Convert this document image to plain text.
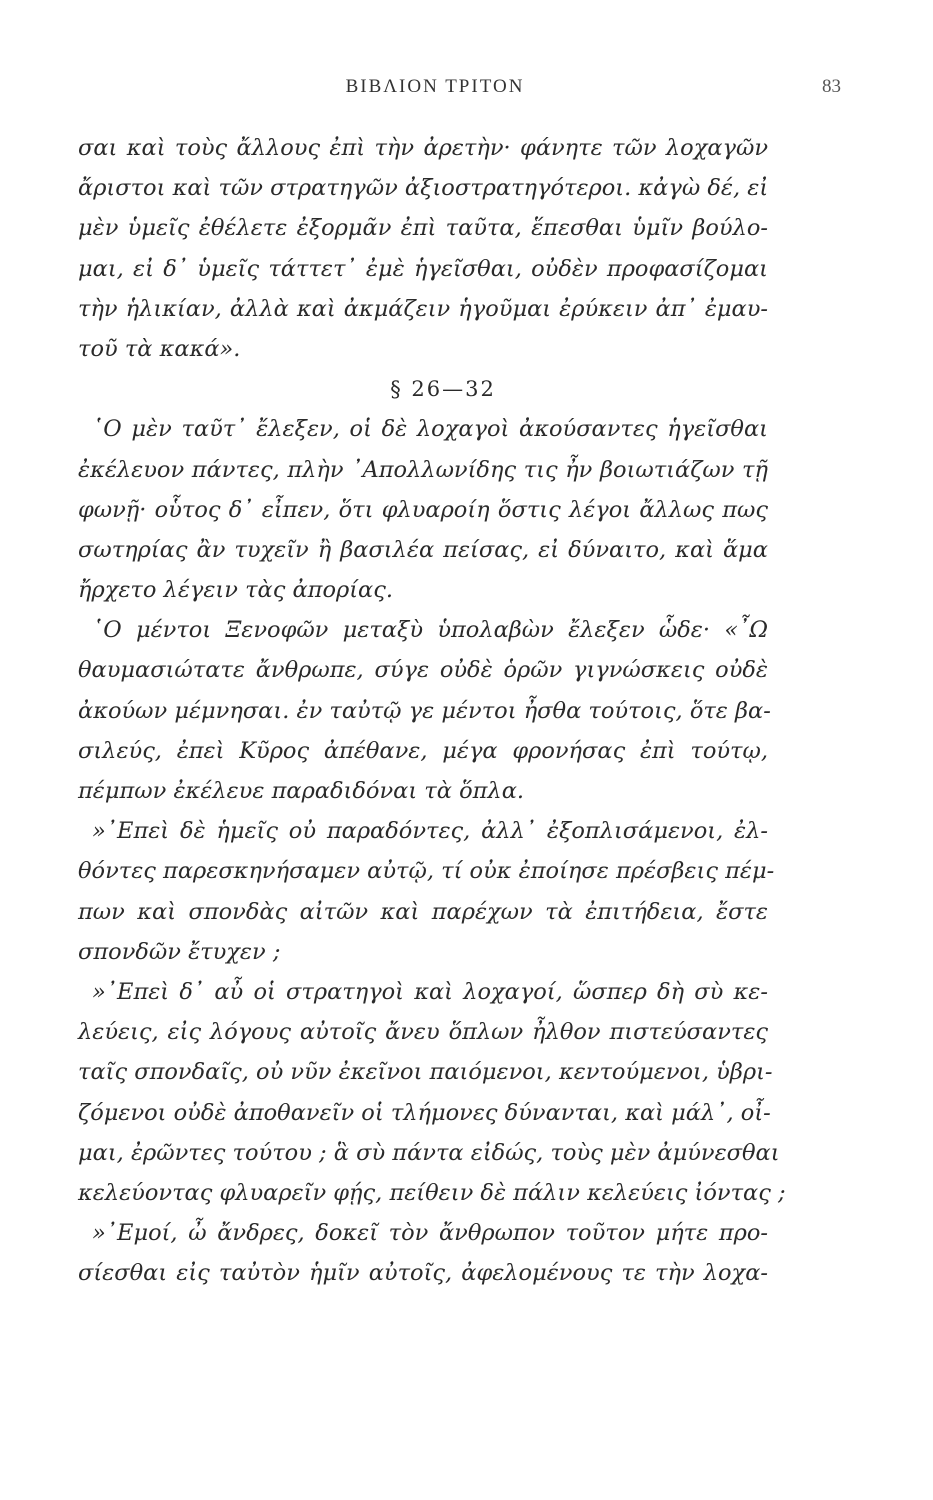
ΒΙΒΛΙΟΝ ΤΡΙΤΟΝ	83
σαι καὶ τοὺς ἄλλους ἐπὶ τὴν ἀρετὴν· φάνητε τῶν λοχαγῶν
ἄριστοι καὶ τῶν στρατηγῶν ἀξιοστρατηγότεροι. κἀγὼ δέ, εἰ
μὲν ὑμεῖς ἐθέλετε ἐξορμᾶν ἐπὶ ταῦτα, ἕπεσθαι ὑμῖν βούλο-
μαι, εἰ δ᾿ ὑμεῖς τάττετ᾿ ἐμὲ ἡγεῖσθαι, οὐδὲν προφασίζομαι
τὴν ἡλικίαν, ἀλλὰ καὶ ἀκμάζειν ἡγοῦμαι ἐρύκειν ἀπ᾿ ἐμαυ-
τοῦ τὰ κακά».
§ 26—32
῾Ο μὲν ταῦτ᾿ ἔλεξεν, οἱ δὲ λοχαγοὶ ἀκούσαντες ἡγεῖσθαι
ἐκέλευον πάντες, πλὴν ᾿Απολλωνίδης τις ἦν βοιωτιάζων τῇ
φωνῇ· οὗτος δ᾿ εἶπεν, ὅτι φλυαροίη ὅστις λέγοι ἄλλως πως
σωτηρίας ἂν τυχεῖν ἢ βασιλέα πείσας, εἰ δύναιτο, καὶ ἅμα
ἤρχετο λέγειν τὰς ἀπορίας.
῾Ο μέντοι Ξενοφῶν μεταξὺ ὑπολαβὼν ἔλεξεν ὧδε· «῏Ω
θαυμασιώτατε ἄνθρωπε, σύγε οὐδὲ ὁρῶν γιγνώσκεις οὐδὲ
ἀκούων μέμνησαι. ἐν ταὐτῷ γε μέντοι ἦσθα τούτοις, ὅτε βα-
σιλεύς, ἐπεὶ Κῦρος ἀπέθανε, μέγα φρονήσας ἐπὶ τούτῳ,
πέμπων ἐκέλευε παραδιδόναι τὰ ὅπλα.
»᾿Επεὶ δὲ ἡμεῖς οὐ παραδόντες, ἀλλ᾿ ἐξοπλισάμενοι, ἐλ-
θόντες παρεσκηνήσαμεν αὐτῷ, τί οὐκ ἐποίησε πρέσβεις πέμ-
πων καὶ σπονδὰς αἰτῶν καὶ παρέχων τὰ ἐπιτήδεια, ἔστε
σπονδῶν ἔτυχεν ;
»᾿Επεὶ δ᾿ αὖ οἱ στρατηγοὶ καὶ λοχαγοί, ὥσπερ δὴ σὺ κε-
λεύεις, εἰς λόγους αὐτοῖς ἄνευ ὅπλων ἦλθον πιστεύσαντες
ταῖς σπονδαῖς, οὐ νῦν ἐκεῖνοι παιόμενοι, κεντούμενοι, ὑβρι-
ζόμενοι οὐδὲ ἀποθανεῖν οἱ τλήμονες δύνανται, καὶ μάλ᾿, οἶ-
μαι, ἐρῶντες τούτου ; ἃ σὺ πάντα εἰδώς, τοὺς μὲν ἀμύνεσθαι
κελεύοντας φλυαρεῖν φῄς, πείθειν δὲ πάλιν κελεύεις ἰόντας ;
»᾿Εμοί, ὦ ἄνδρες, δοκεῖ τὸν ἄνθρωπον τοῦτον μήτε προ-
σίεσθαι εἰς ταὐτὸν ἡμῖν αὐτοῖς, ἀφελομένους τε τὴν λοχα-
